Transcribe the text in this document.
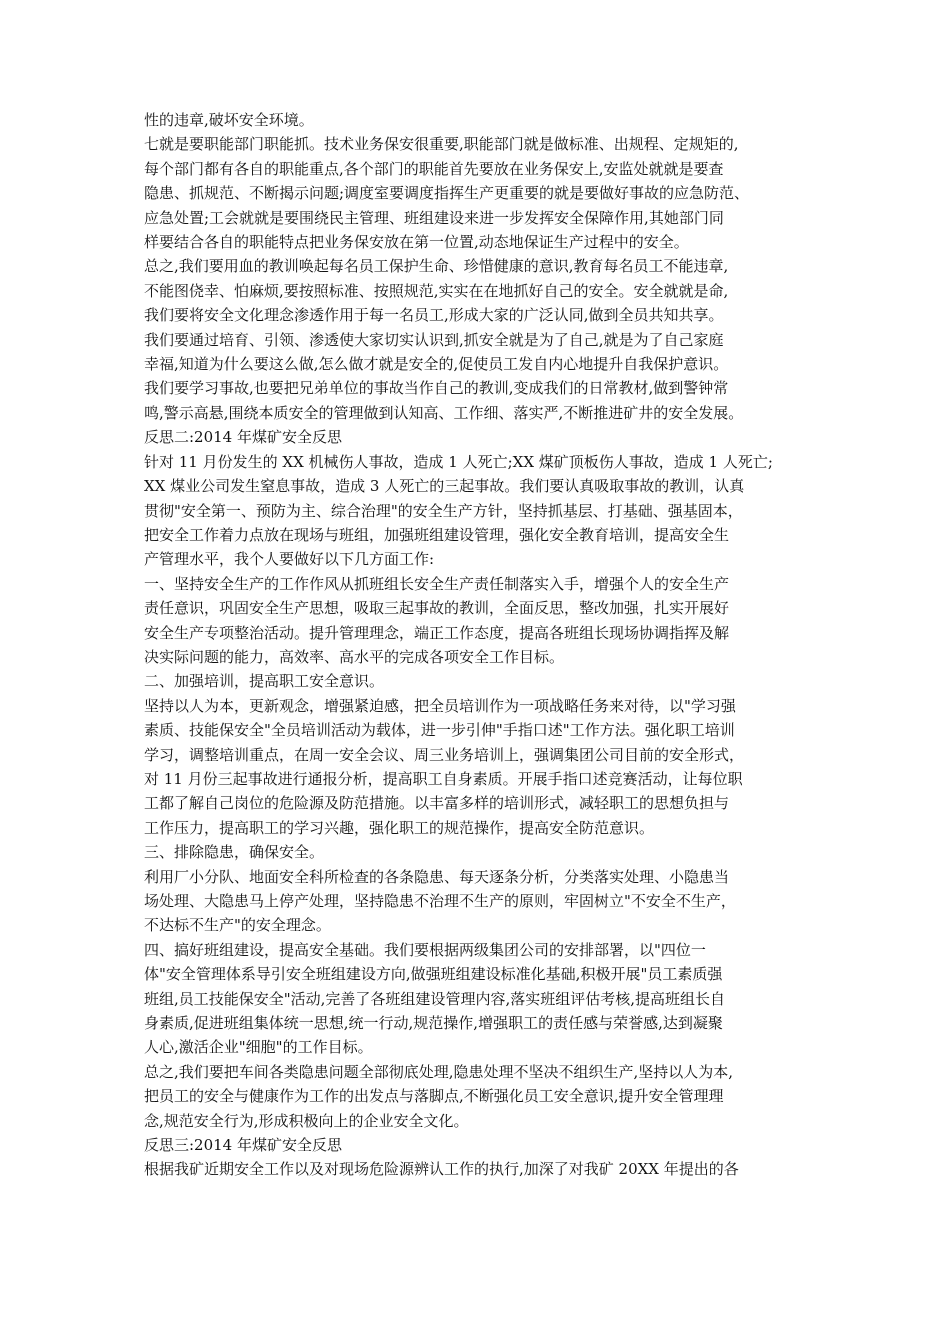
性的违章,破坏安全环境。

七就是要职能部门职能抓。技术业务保安很重要,职能部门就是做标准、出规程、定规矩的,

每个部门都有各自的职能重点,各个部门的职能首先要放在业务保安上,安监处就就是要查

隐患、抓规范、不断揭示问题;调度室要调度指挥生产更重要的就是要做好事故的应急防范、

应急处置;工会就就是要围绕民主管理、班组建设来进一步发挥安全保障作用,其她部门同

样要结合各自的职能特点把业务保安放在第一位置,动态地保证生产过程中的安全。

总之,我们要用血的教训唤起每名员工保护生命、珍惜健康的意识,教育每名员工不能违章,

不能图侥幸、怕麻烦,要按照标准、按照规范,实实在在地抓好自己的安全。安全就就是命,

我们要将安全文化理念渗透作用于每一名员工,形成大家的广泛认同,做到全员共知共享。

我们要通过培育、引领、渗透使大家切实认识到,抓安全就是为了自己,就是为了自己家庭

幸福,知道为什么要这么做,怎么做才就是安全的,促使员工发自内心地提升自我保护意识。

我们要学习事故,也要把兄弟单位的事故当作自己的教训,变成我们的日常教材,做到警钟常

鸣,警示高悬,围绕本质安全的管理做到认知高、工作细、落实严,不断推进矿井的安全发展。

反思二:2014 年煤矿安全反思

针对 11 月份发生的 XX 机械伤人事故，造成 1 人死亡;XX 煤矿顶板伤人事故，造成 1 人死亡;

XX 煤业公司发生窒息事故，造成 3 人死亡的三起事故。我们要认真吸取事故的教训，认真

贯彻"安全第一、预防为主、综合治理"的安全生产方针，坚持抓基层、打基础、强基固本，

把安全工作着力点放在现场与班组，加强班组建设管理，强化安全教育培训，提高安全生

产管理水平，我个人要做好以下几方面工作:

一、坚持安全生产的工作作风从抓班组长安全生产责任制落实入手，增强个人的安全生产

责任意识，巩固安全生产思想，吸取三起事故的教训，全面反思，整改加强，扎实开展好

安全生产专项整治活动。提升管理理念，端正工作态度，提高各班组长现场协调指挥及解

决实际问题的能力，高效率、高水平的完成各项安全工作目标。

二、加强培训，提高职工安全意识。

坚持以人为本，更新观念，增强紧迫感，把全员培训作为一项战略任务来对待，以"学习强

素质、技能保安全"全员培训活动为载体，进一步引伸"手指口述"工作方法。强化职工培训

学习，调整培训重点，在周一安全会议、周三业务培训上，强调集团公司目前的安全形式，

对 11 月份三起事故进行通报分析，提高职工自身素质。开展手指口述竞赛活动，让每位职

工都了解自己岗位的危险源及防范措施。以丰富多样的培训形式，减轻职工的思想负担与

工作压力，提高职工的学习兴趣，强化职工的规范操作，提高安全防范意识。

三、排除隐患，确保安全。

利用厂小分队、地面安全科所检查的各条隐患、每天逐条分析，分类落实处理、小隐患当

场处理、大隐患马上停产处理，坚持隐患不治理不生产的原则，牢固树立"不安全不生产，

不达标不生产"的安全理念。

四、搞好班组建设，提高安全基础。我们要根据两级集团公司的安排部署，以"四位一

体"安全管理体系导引安全班组建设方向,做强班组建设标准化基础,积极开展"员工素质强

班组,员工技能保安全"活动,完善了各班组建设管理内容,落实班组评估考核,提高班组长自

身素质,促进班组集体统一思想,统一行动,规范操作,增强职工的责任感与荣誉感,达到凝聚

人心,激活企业"细胞"的工作目标。

总之,我们要把车间各类隐患问题全部彻底处理,隐患处理不坚决不组织生产,坚持以人为本,

把员工的安全与健康作为工作的出发点与落脚点,不断强化员工安全意识,提升安全管理理

念,规范安全行为,形成积极向上的企业安全文化。

反思三:2014 年煤矿安全反思

根据我矿近期安全工作以及对现场危险源辨认工作的执行,加深了对我矿 20XX 年提出的各
